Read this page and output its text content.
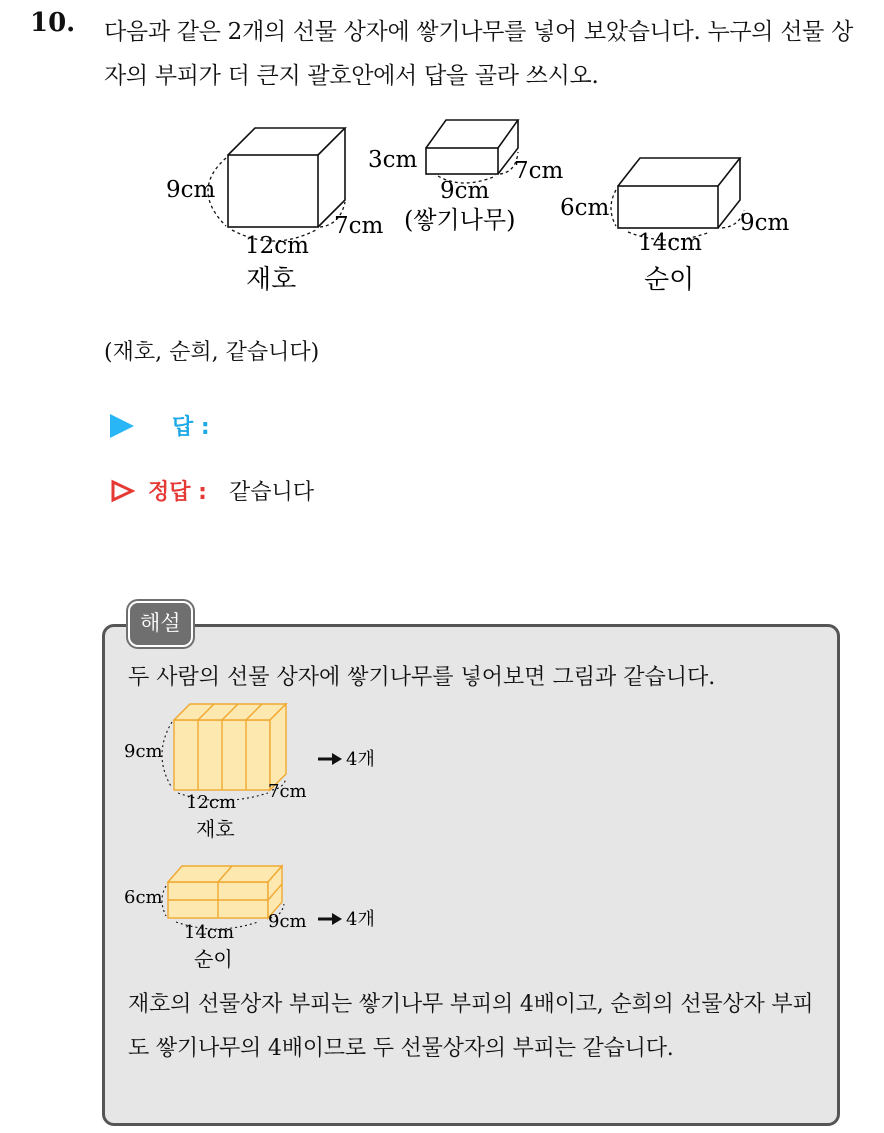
10. 다음과 같은 2개의 선물 상자에 쌓기나무를 넣어 보았습니다. 누구의 선물 상자의 부피가 더 큰지 괄호안에서 답을 골라 쓰시오.
9cm
12cm
7cm
재호
3cm
9cm
7cm
(쌓기나무) 6cm
14cm
9cm
순이
(재호, 순희, 같습니다)
답 :
정답 : 같습니다
해설
두 사람의 선물 상자에 쌓기나무를 넣어보면 그림과 같습니다.
9cm
12cm
7cm
재호
4개
6cm
14cm
9cm
순이
4개
재호의 선물상자 부피는 쌓기나무 부피의 4배이고, 순희의 선물상자 부피도 쌓기나무의 4배이므로 두 선물상자의 부피는 같습니다.
